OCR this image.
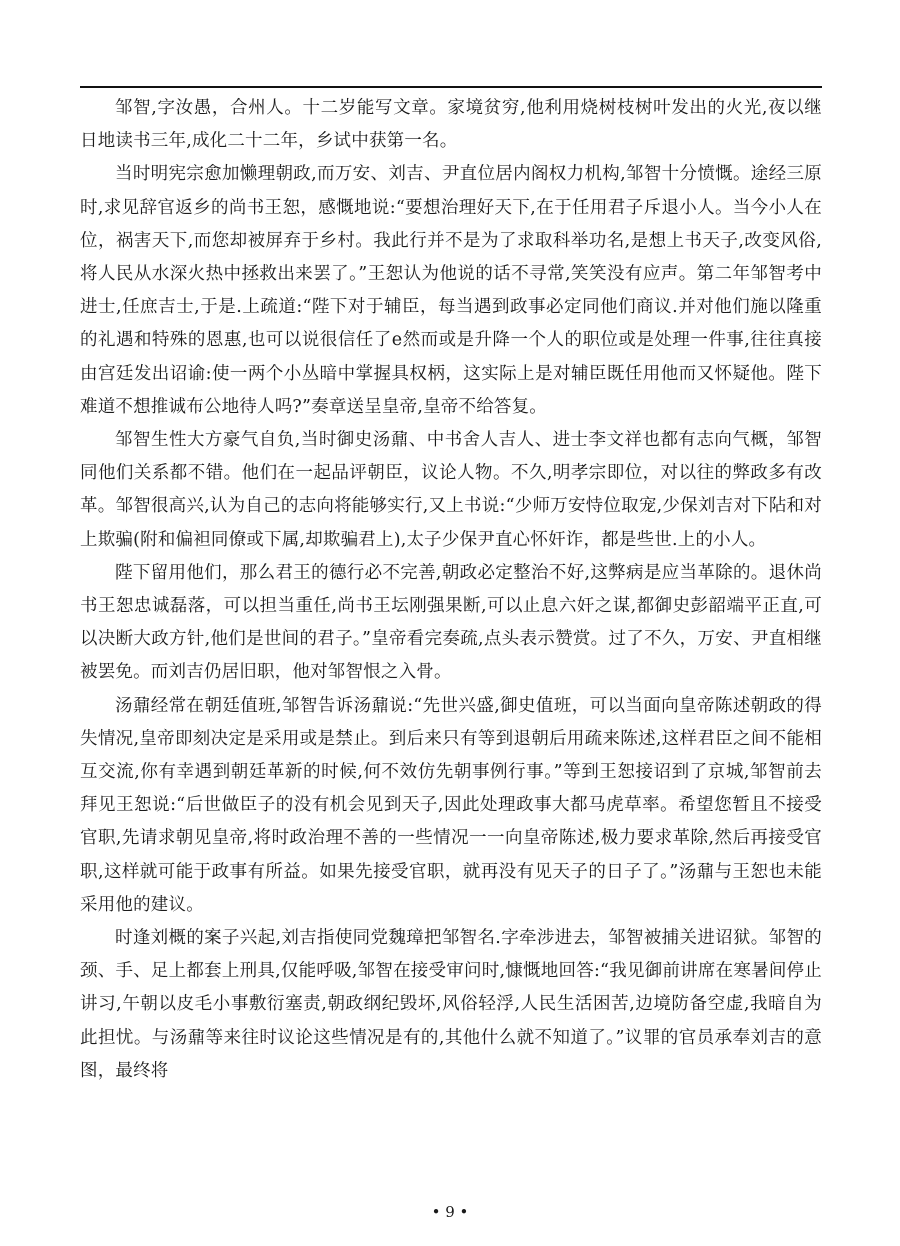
邹智,字汝愚，合州人。十二岁能写文章。家境贫穷,他利用烧树枝树叶发出的火光,夜以继日地读书三年,成化二十二年，乡试中获第一名。

当时明宪宗愈加懒理朝政,而万安、刘吉、尹直位居内阁权力机构,邹智十分愤慨。途经三原时,求见辞官返乡的尚书王恕，感慨地说:“要想治理好天下,在于任用君子斥退小人。当今小人在位，祸害天下,而您却被屏弃于乡村。我此行并不是为了求取科举功名,是想上书天子,改变风俗,将人民从水深火热中拯救出来罢了。”王恕认为他说的话不寻常,笑笑没有应声。第二年邹智考中进士,任庶吉士,于是.上疏道:“陛下对于辅臣，每当遇到政事必定同他们商议.并对他们施以隆重的礼遇和特殊的恩惠,也可以说很信任了e然而或是升降一个人的职位或是处理一件事,往往真接由宫廷发出诏谕:使一两个小丛暗中掌握具权柄，这实际上是对辅臣既任用他而又怀疑他。陛下难道不想推诚布公地待人吗?”奏章送呈皇帝,皇帝不给答复。

邹智生性大方豪气自负,当时御史汤鼐、中书舍人吉人、进士李文祥也都有志向气概，邹智同他们关系都不错。他们在一起品评朝臣，议论人物。不久,明孝宗即位，对以往的弊政多有改革。邹智很高兴,认为自己的志向将能够实行,又上书说:“少师万安恃位取宠,少保刘吉对下阽和对上欺骗(附和偏袒同僚或下属,却欺骗君上),太子少保尹直心怀奸诈，都是些世.上的小人。

陛下留用他们，那么君王的德行必不完善,朝政必定整治不好,这弊病是应当革除的。退休尚书王恕忠诚磊落，可以担当重任,尚书王坛刚强果断,可以止息六奸之谋,都御史彭韶端平正直,可以决断大政方针,他们是世间的君子。”皇帝看完奏疏,点头表示赞赏。过了不久，万安、尹直相继被罢免。而刘吉仍居旧职，他对邹智恨之入骨。

汤鼐经常在朝廷值班,邹智告诉汤鼐说:“先世兴盛,御史值班，可以当面向皇帝陈述朝政的得失情况,皇帝即刻决定是采用或是禁止。到后来只有等到退朝后用疏来陈述,这样君臣之间不能相互交流,你有幸遇到朝廷革新的时候,何不效仿先朝事例行事。”等到王恕接诏到了京城,邹智前去拜见王恕说:“后世做臣子的没有机会见到天子,因此处理政事大都马虎草率。希望您暂且不接受官职,先请求朝见皇帝,将时政治理不善的一些情况一一向皇帝陈述,极力要求革除,然后再接受官职,这样就可能于政事有所益。如果先接受官职，就再没有见天子的日子了。”汤鼐与王恕也未能采用他的建议。

时逢刘概的案子兴起,刘吉指使同党魏璋把邹智名.字牵涉进去，邹智被捕关进诏狱。邹智的颈、手、足上都套上刑具,仅能呼吸,邹智在接受审问时,慷慨地回答:“我见御前讲席在寒暑间停止讲习,午朝以皮毛小事敷衍塞责,朝政纲纪毁坏,风俗轻浮,人民生活困苦,边境防备空虚,我暗自为此担忧。与汤鼐等来往时议论这些情况是有的,其他什么就不知道了。”议罪的官员承奉刘吉的意图，最终将

• 9 •
